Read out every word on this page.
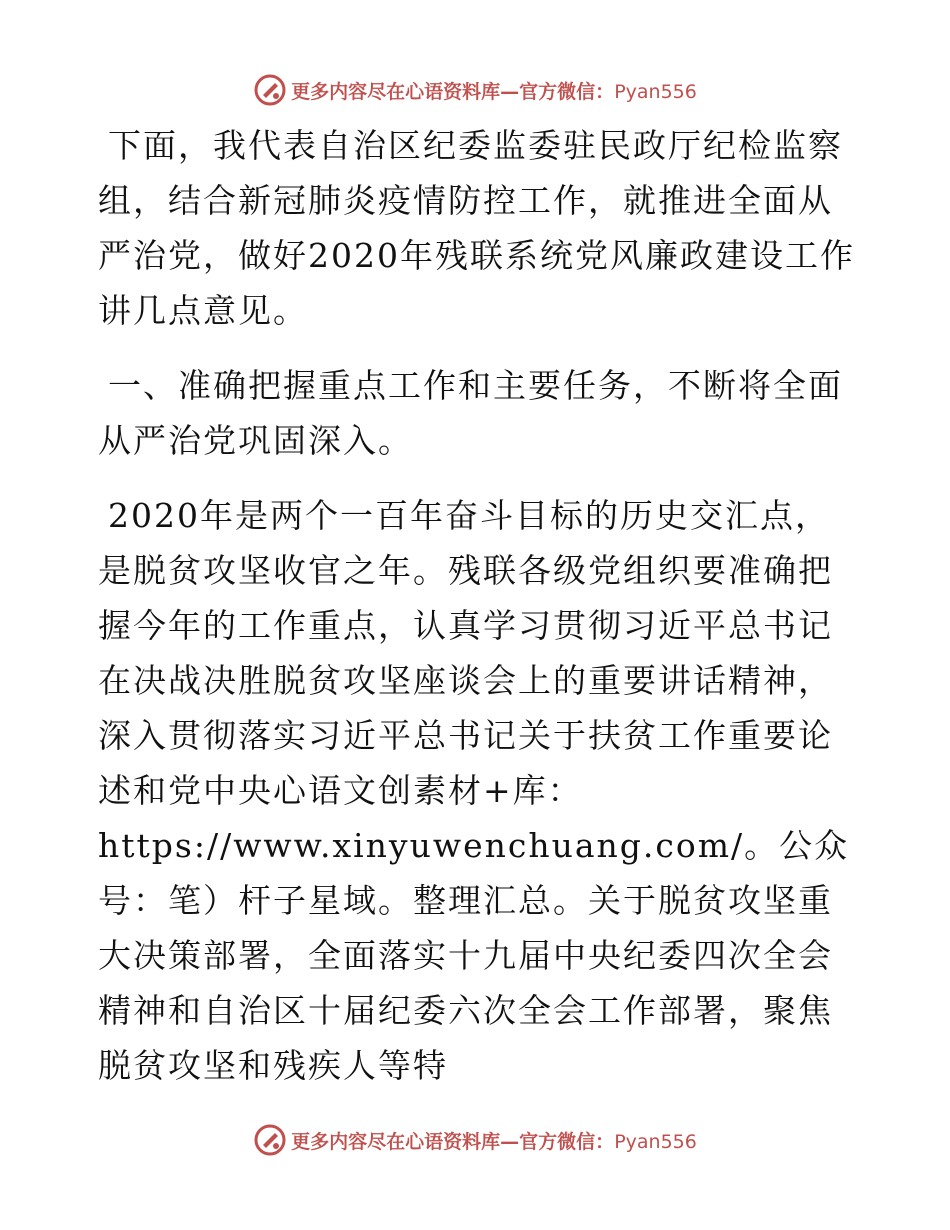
更多内容尽在心语资料库—官方微信：Pyan556

下面，我代表自治区纪委监委驻民政厅纪检监察组，结合新冠肺炎疫情防控工作，就推进全面从严治党，做好2020年残联系统党风廉政建设工作讲几点意见。

一、准确把握重点工作和主要任务，不断将全面从严治党巩固深入。

2020年是两个一百年奋斗目标的历史交汇点，是脱贫攻坚收官之年。残联各级党组织要准确把握今年的工作重点，认真学习贯彻习近平总书记在决战决胜脱贫攻坚座谈会上的重要讲话精神，深入贯彻落实习近平总书记关于扶贫工作重要论述和党中央心语文创素材+库：https://www.xinyuwenchuang.com/。公众号：笔）杆子星域。整理汇总。关于脱贫攻坚重大决策部署，全面落实十九届中央纪委四次全会精神和自治区十届纪委六次全会工作部署，聚焦脱贫攻坚和残疾人等特

更多内容尽在心语资料库—官方微信：Pyan556
